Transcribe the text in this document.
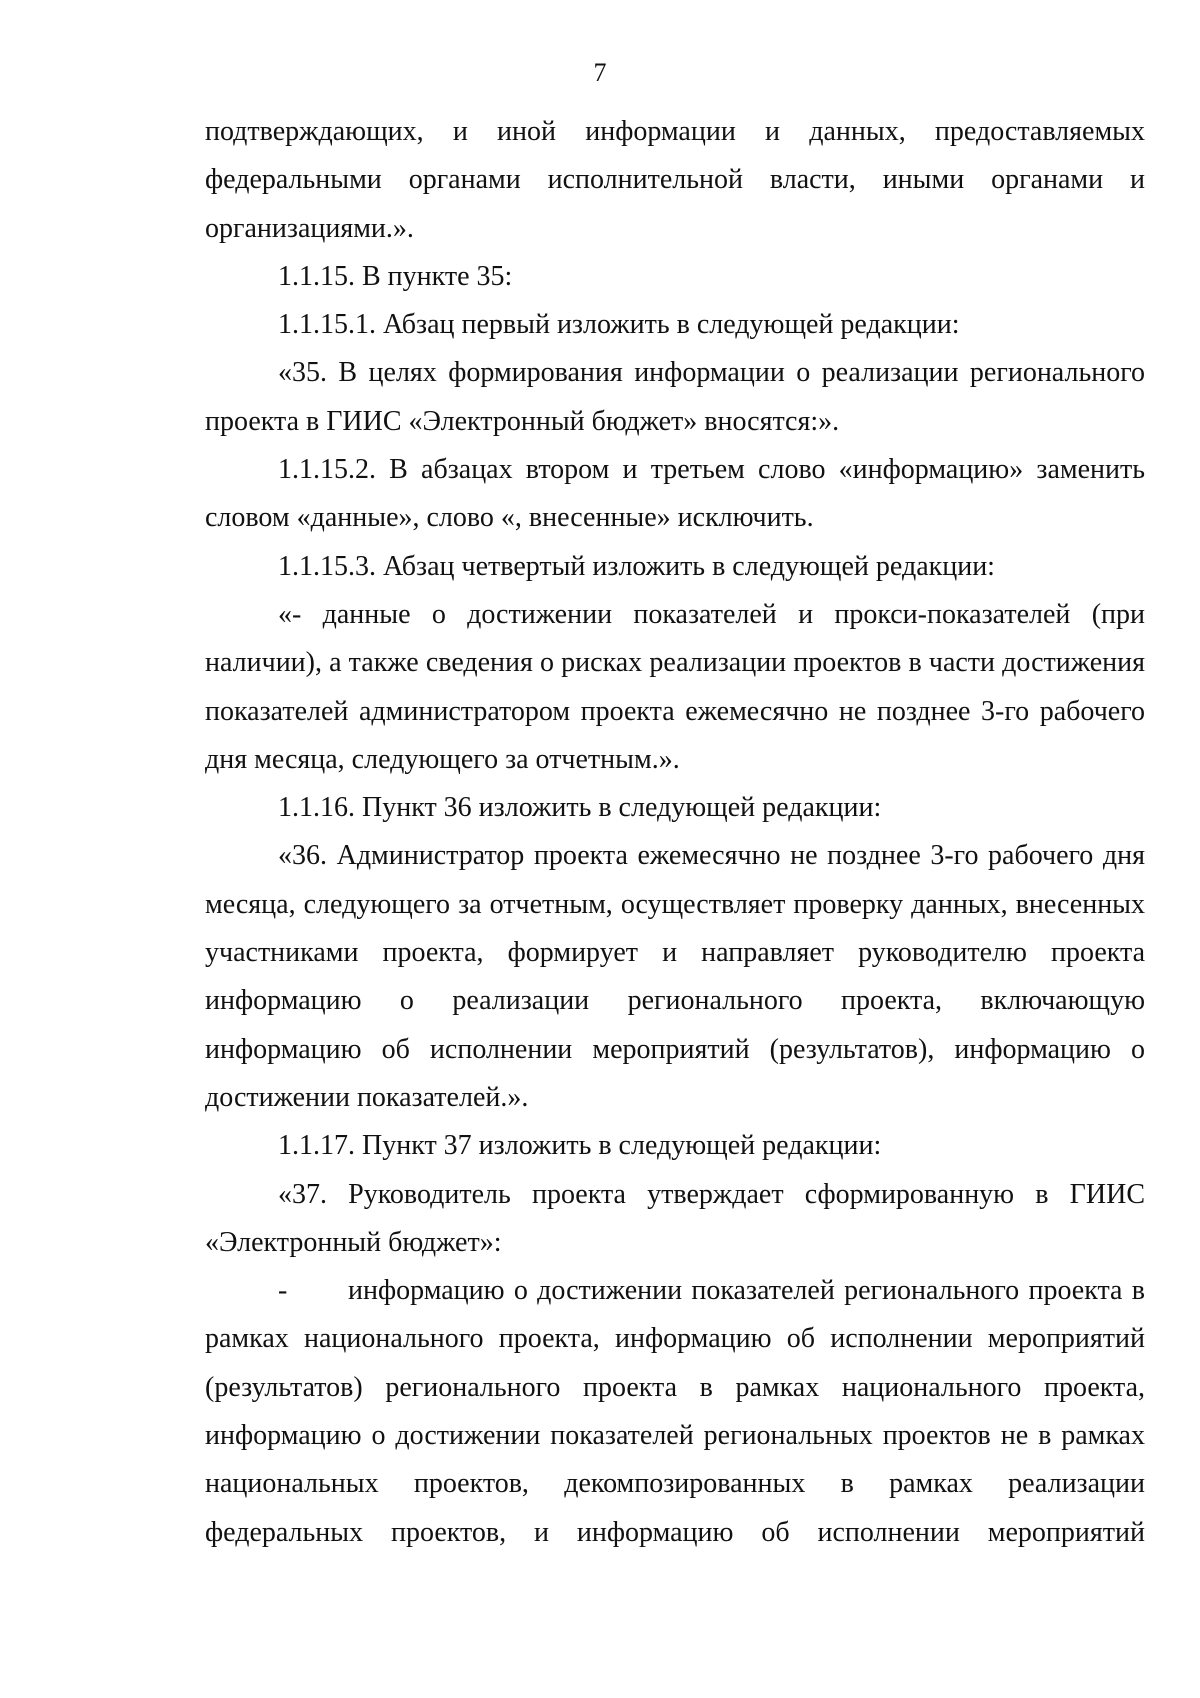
7

подтверждающих, и иной информации и данных, предоставляемых федеральными органами исполнительной власти, иными органами и организациями.».

1.1.15. В пункте 35:

1.1.15.1. Абзац первый изложить в следующей редакции:

«35. В целях формирования информации о реализации регионального проекта в ГИИС «Электронный бюджет» вносятся:».

1.1.15.2. В абзацах втором и третьем слово «информацию» заменить словом «данные», слово «, внесенные» исключить.

1.1.15.3. Абзац четвертый изложить в следующей редакции:

«- данные о достижении показателей и прокси-показателей (при наличии), а также сведения о рисках реализации проектов в части достижения показателей администратором проекта ежемесячно не позднее 3-го рабочего дня месяца, следующего за отчетным.».

1.1.16. Пункт 36 изложить в следующей редакции:

«36. Администратор проекта ежемесячно не позднее 3-го рабочего дня месяца, следующего за отчетным, осуществляет проверку данных, внесенных участниками проекта, формирует и направляет руководителю проекта информацию о реализации регионального проекта, включающую информацию об исполнении мероприятий (результатов), информацию о достижении показателей.».

1.1.17. Пункт 37 изложить в следующей редакции:

«37. Руководитель проекта утверждает сформированную в ГИИС «Электронный бюджет»:

- информацию о достижении показателей регионального проекта в рамках национального проекта, информацию об исполнении мероприятий (результатов) регионального проекта в рамках национального проекта, информацию о достижении показателей региональных проектов не в рамках национальных проектов, декомпозированных в рамках реализации федеральных проектов, и информацию об исполнении мероприятий
